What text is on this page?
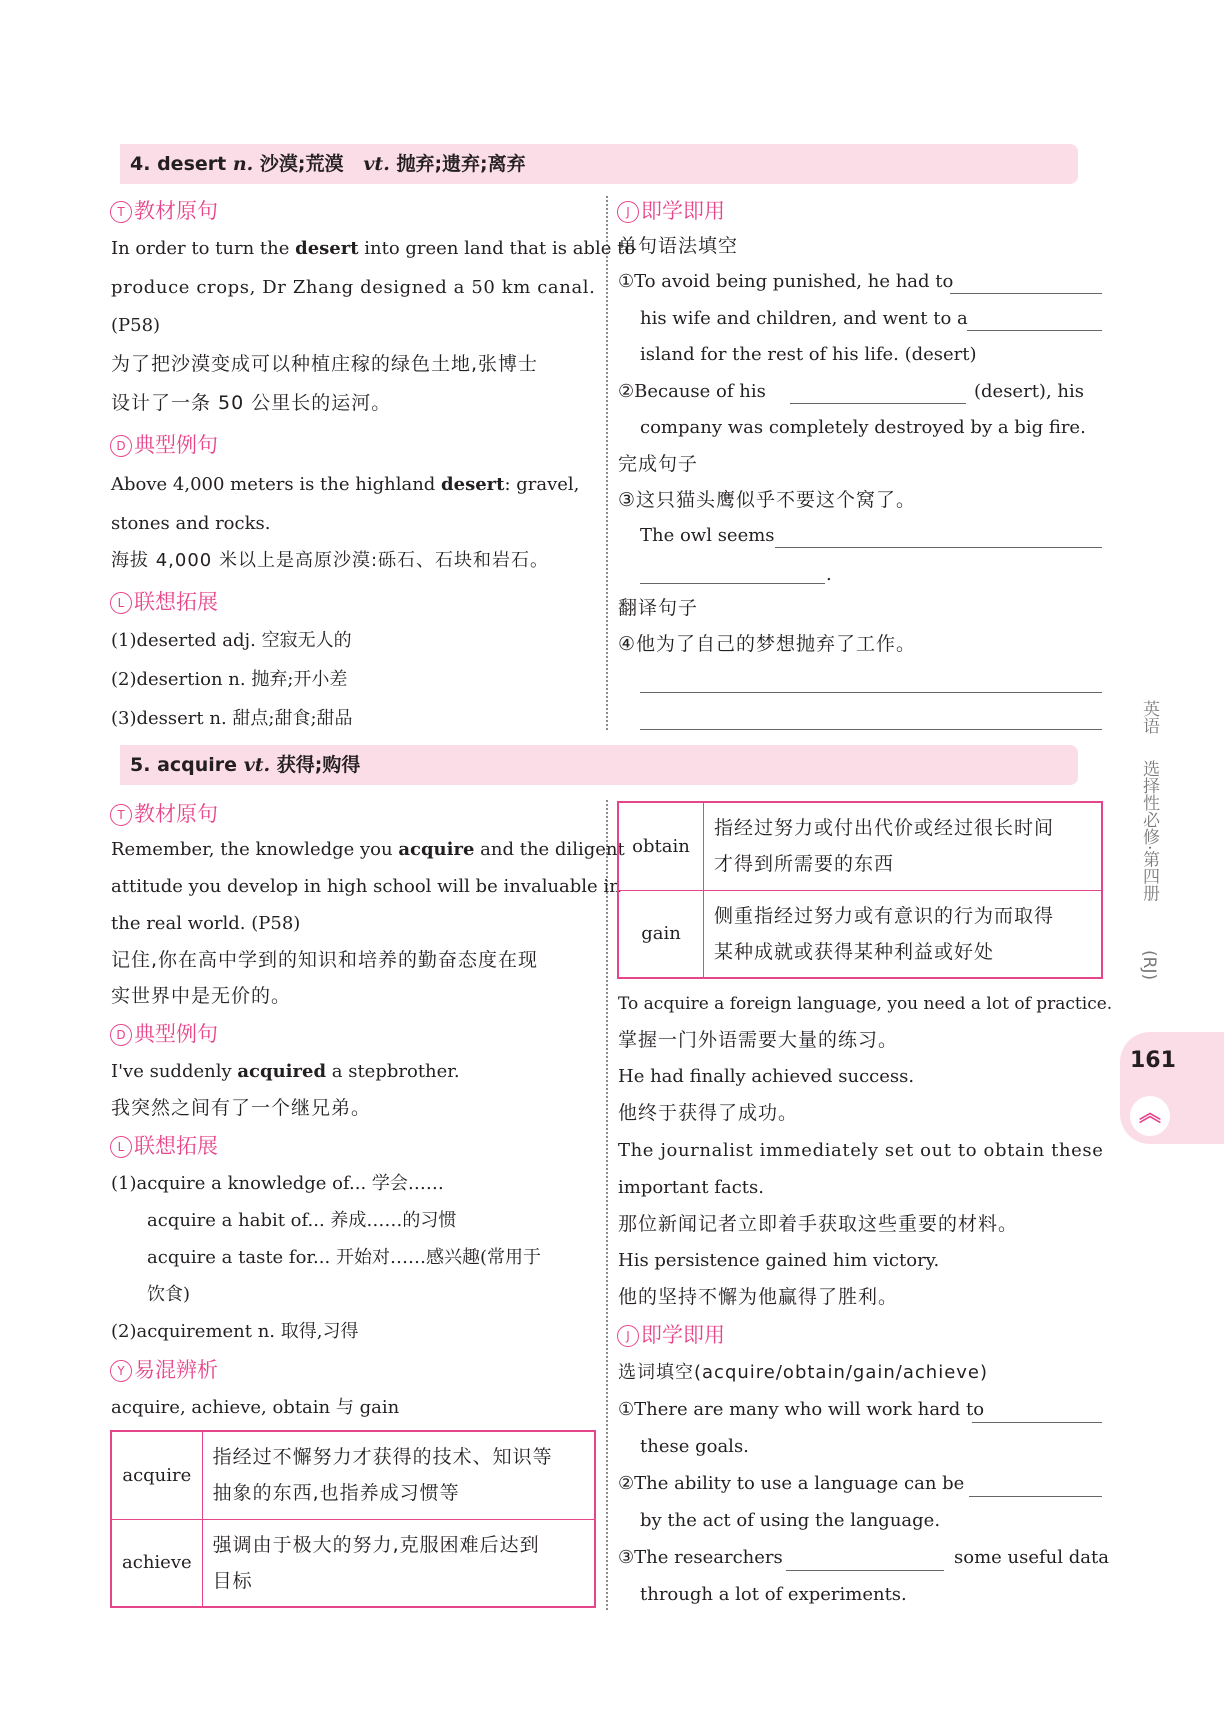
4. desert n. 沙漠;荒漠 vt. 抛弃;遗弃;离弃
T 教材原句
In order to turn the desert into green land that is able to
produce crops, Dr Zhang designed a 50 km canal.
(P58)
为了把沙漠变成可以种植庄稼的绿色土地,张博士
设计了一条 50 公里长的运河。
D 典型例句
Above 4,000 meters is the highland desert: gravel,
stones and rocks.
海拔 4,000 米以上是高原沙漠:砾石、石块和岩石。
L 联想拓展
(1)deserted adj. 空寂无人的
(2)desertion n. 抛弃;开小差
(3)dessert n. 甜点;甜食;甜品
J 即学即用
单句语法填空
①To avoid being punished, he had to
his wife and children, and went to a
island for the rest of his life. (desert)
②Because of his	(desert), his
company was completely destroyed by a big fire.
完成句子
③这只猫头鹰似乎不要这个窝了。
The owl seems
.
翻译句子
④他为了自己的梦想抛弃了工作。
5. acquire vt. 获得;购得
T 教材原句
Remember, the knowledge you acquire and the diligent
attitude you develop in high school will be invaluable in
the real world. (P58)
记住,你在高中学到的知识和培养的勤奋态度在现
实世界中是无价的。
D 典型例句
I've suddenly acquired a stepbrother.
我突然之间有了一个继兄弟。
L 联想拓展
(1)acquire a knowledge of... 学会……
acquire a habit of... 养成……的习惯
acquire a taste for... 开始对……感兴趣(常用于
饮食)
(2)acquirement n. 取得,习得
Y 易混辨析
acquire, achieve, obtain 与 gain
acquire	指经过不懈努力才获得的技术、知识等
抽象的东西,也指养成习惯等

achieve	强调由于极大的努力,克服困难后达到
目标
obtain	指经过努力或付出代价或经过很长时间
才得到所需要的东西

gain	侧重指经过努力或有意识的行为而取得
某种成就或获得某种利益或好处
To acquire a foreign language, you need a lot of practice.
掌握一门外语需要大量的练习。
He had finally achieved success.
他终于获得了成功。
The journalist immediately set out to obtain these
important facts.
那位新闻记者立即着手获取这些重要的材料。
His persistence gained him victory.
他的坚持不懈为他赢得了胜利。
J 即学即用
选词填空(acquire/obtain/gain/achieve)
①There are many who will work hard to
these goals.
②The ability to use a language can be
by the act of using the language.
③The researchers	some useful data
through a lot of experiments.
英语
选择性必修·第四册
(RJ)
161
︽
